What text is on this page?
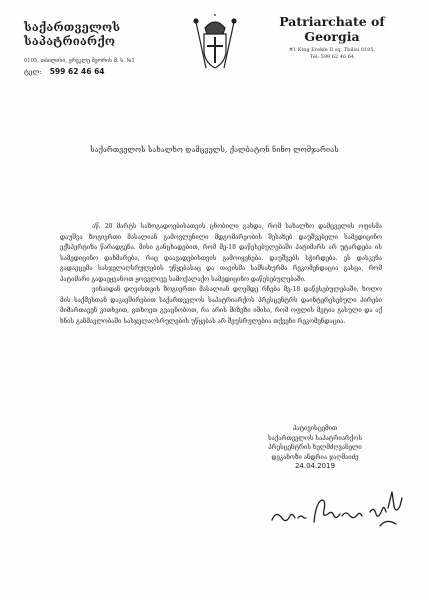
საქართველოს საპატრიარქო
0105, თბილისი, ერეკლე მეორის მ. ს. №1
ტელ: 599 62 46 64
Patriarchate of
Georgia
#1 King Erekle II sq. Tbilisi 0105,
Tel: 599 62 46 64
საქართველოს სახალხო დამცველს, ქალბატონ ნინო ლომჯარიას

აწ. 20 მარტს საზოგადოებისათვის ცნობილი გახდა, რომ სახალხო დამცველის ოფისმა დაუშვა ზოგიერთი მასალიან გამოვლენილი მდგომარეობის შესახებ დაუშვებელი სამედიცინო ექსპერტიზა წარადგენა. მისი განცხადებით, რომ მე-18 დაწესებულებაში პატიმარს არ უტარდება ის სამედიცინო დახმარება, რაც დაავადებისთვის გამოიყენება. დაუშვებს სჭირდება. ეს დასკვნა გადაეცემა სასჯელაღსრულების უწყებასაც და თავისმა სამსახურმა რეკომენდაცია გასცა, რომ პატიმარი გადაეყვანოთ ყოველივე სამოქალაქო სამედიცინო დაწესებულებაში.

ვინაიდან დღეისთვის ზოგიერთი მასალიან დღემდე რჩება მე-18 დაწესებულებაში, ხოლო მის საქმესთან დაკავშირებით საქართველოს საპატრიარქოს პრესცენტრს დაინტერესებული პირები მიმართავენ კითხვით, გთხოვთ გვაცნობოთ, რა არის მიზეზი იმისა, რომ ოფლის მეტია გასული და აქ ხნის განმავლობაში სასჯელაღსრულების უწყებას არ შეუსრულებია თქვენი რეკომენდაცია.

პატივისცემით
საქართველოს საპატრიარქოს
პრესცენტრის ხელმძღვანელი
დეკანოზი ანდრია ჯაღმაიძე
24.04.2019
